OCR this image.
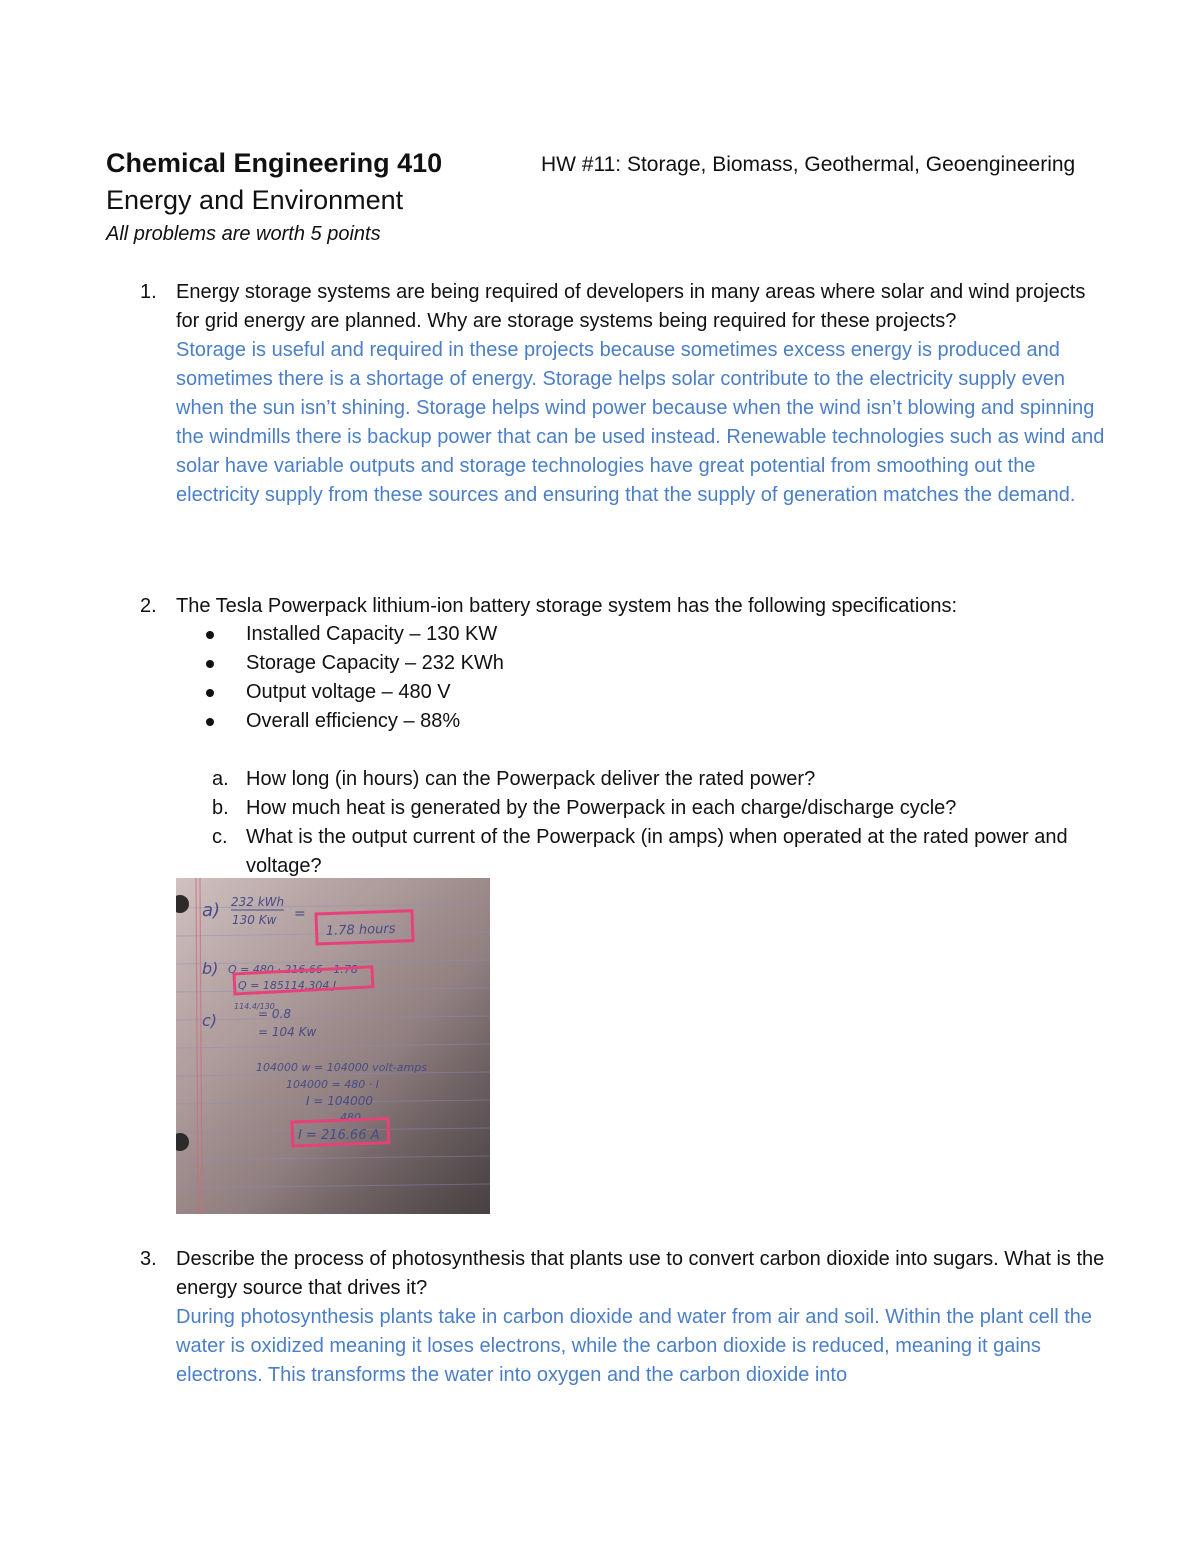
Chemical Engineering 410	HW #11: Storage, Biomass, Geothermal, Geoengineering
Energy and Environment
All problems are worth 5 points
1. Energy storage systems are being required of developers in many areas where solar and wind projects for grid energy are planned. Why are storage systems being required for these projects?
Storage is useful and required in these projects because sometimes excess energy is produced and sometimes there is a shortage of energy. Storage helps solar contribute to the electricity supply even when the sun isn’t shining. Storage helps wind power because when the wind isn’t blowing and spinning the windmills there is backup power that can be used instead. Renewable technologies such as wind and solar have variable outputs and storage technologies have great potential from smoothing out the electricity supply from these sources and ensuring that the supply of generation matches the demand.
2. The Tesla Powerpack lithium-ion battery storage system has the following specifications:
Installed Capacity – 130 KW
Storage Capacity – 232 KWh
Output voltage – 480 V
Overall efficiency – 88%
a. How long (in hours) can the Powerpack deliver the rated power?
b. How much heat is generated by the Powerpack in each charge/discharge cycle?
c. What is the output current of the Powerpack (in amps) when operated at the rated power and voltage?
a) 232 kWh
130 Kw =
1.78 hours
b) Q = 480 · 216.66 · 1.78
Q = 185114.304 J
c)
114.4/130
= 0.8
= 104 Kw
104000 w = 104000 volt-amps
104000 = 480 · I
I = 104000
480
I = 216.66 A
3. Describe the process of photosynthesis that plants use to convert carbon dioxide into sugars. What is the energy source that drives it?
During photosynthesis plants take in carbon dioxide and water from air and soil. Within the plant cell the water is oxidized meaning it loses electrons, while the carbon dioxide is reduced, meaning it gains electrons. This transforms the water into oxygen and the carbon dioxide into
